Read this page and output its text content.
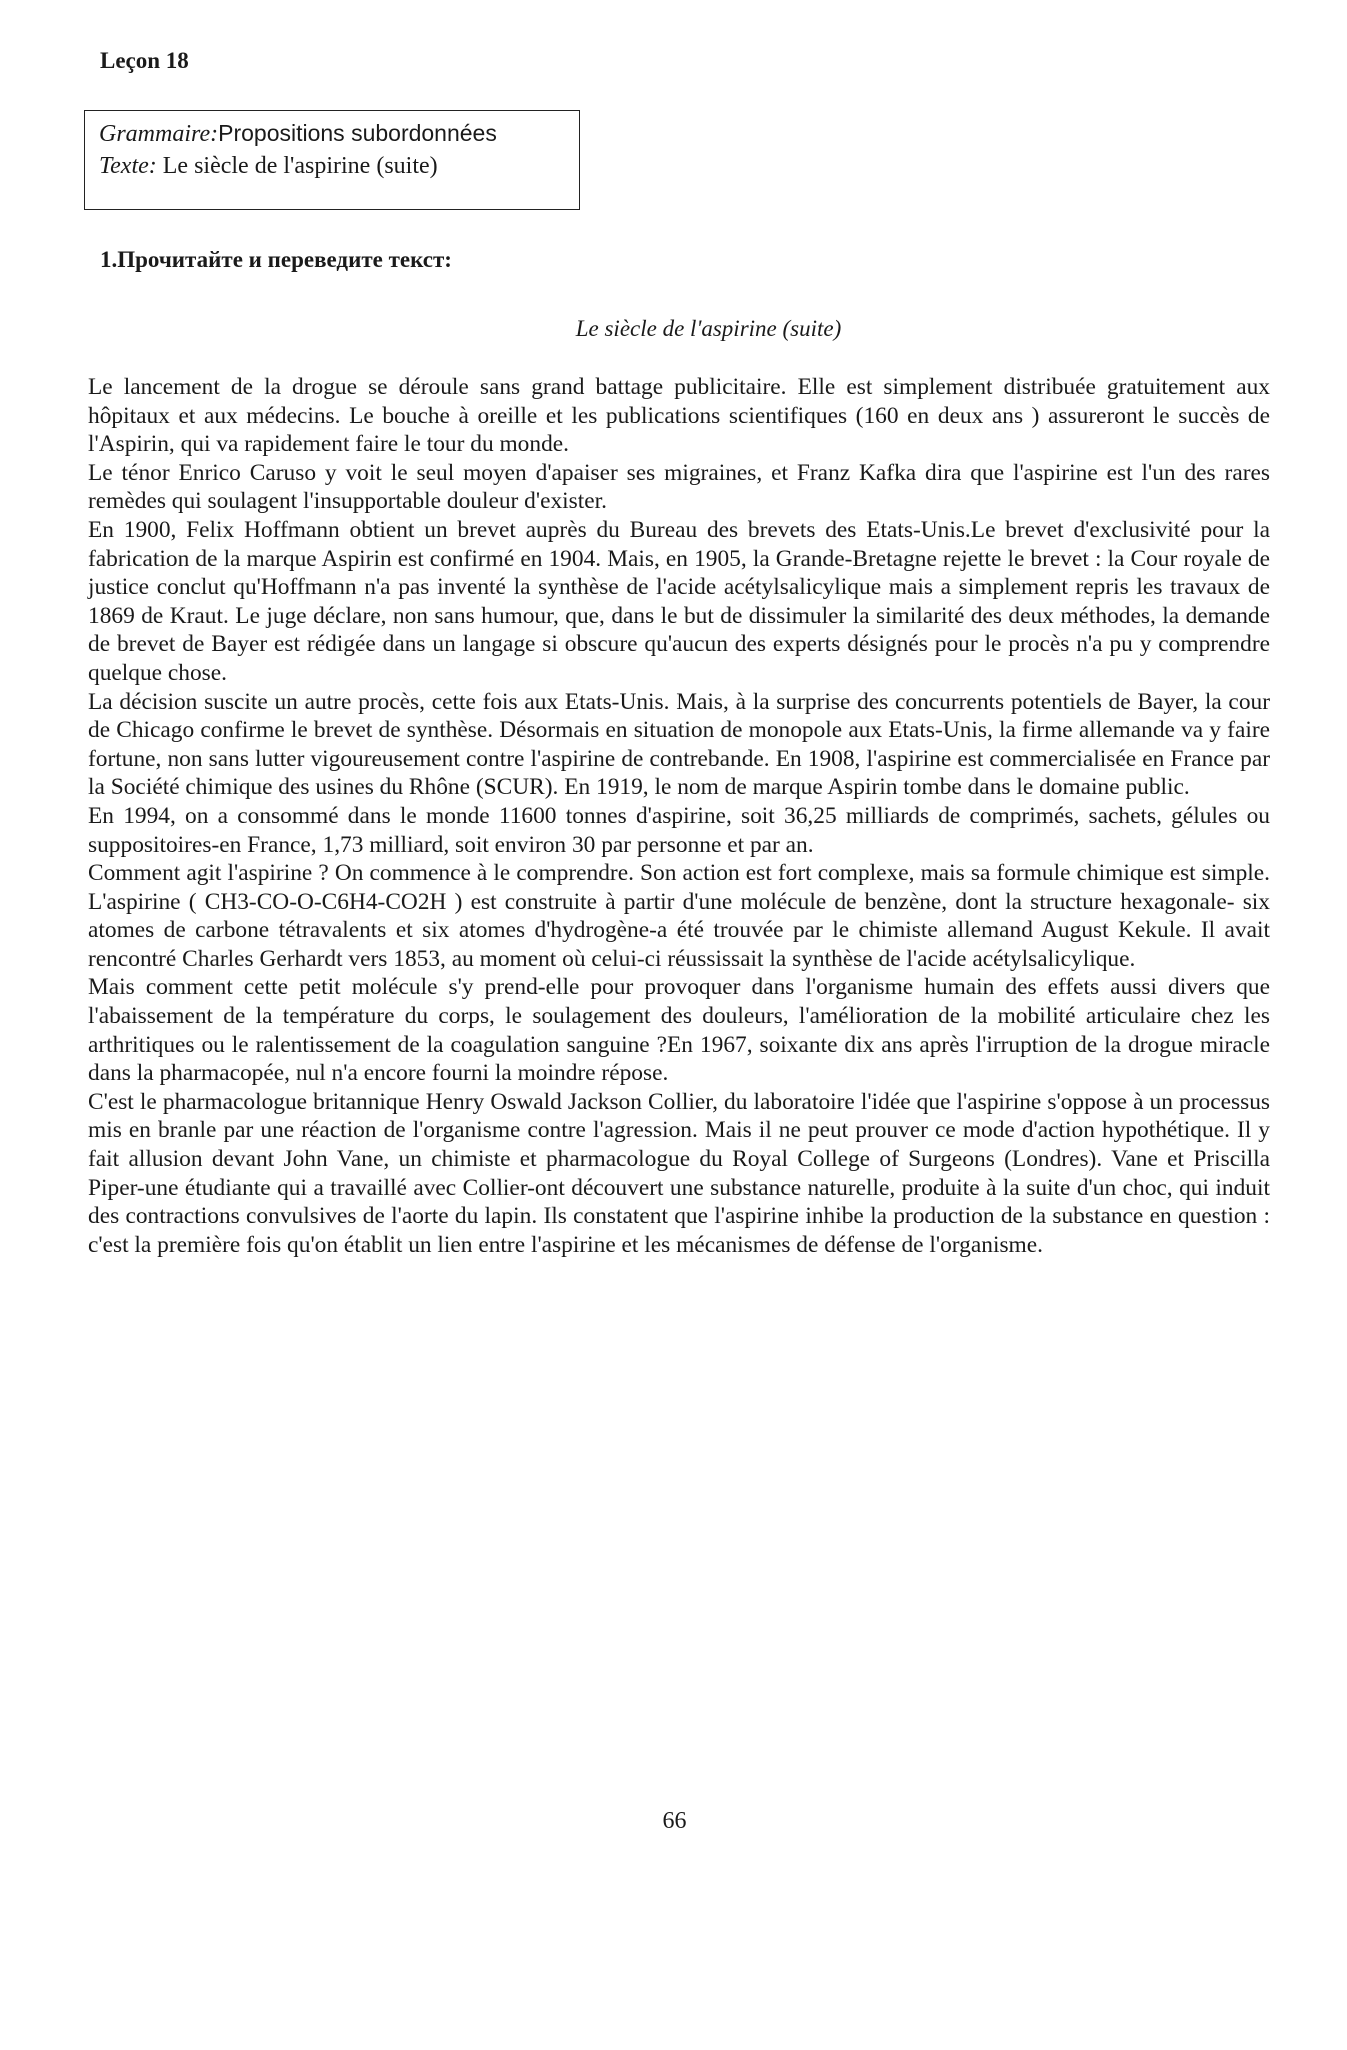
Leçon 18
Grammaire:Propositions subordonnées
Texte: Le siècle de l'aspirine (suite)
1.Прочитайте и переведите текст:
Le siècle de l'aspirine (suite)

Le lancement de la drogue se déroule sans grand battage publicitaire. Elle est simplement distribuée gratuitement aux hôpitaux et aux médecins. Le bouche à oreille et les publications scientifiques (160 en deux ans ) assureront le succès de l'Aspirin, qui va rapidement faire le tour du monde.

Le ténor Enrico Caruso y voit le seul moyen d'apaiser ses migraines, et Franz Kafka dira que l'aspirine est l'un des rares remèdes qui soulagent l'insupportable douleur d'exister.

En 1900, Felix Hoffmann obtient un brevet auprès du Bureau des brevets des Etats-Unis.Le brevet d'exclusivité pour la fabrication de la marque Aspirin est confirmé en 1904. Mais, en 1905, la Grande-Bretagne rejette le brevet : la Cour royale de justice conclut qu'Hoffmann n'a pas inventé la synthèse de l'acide acétylsalicylique mais a simplement repris les travaux de 1869 de Kraut. Le juge déclare, non sans humour, que, dans le but de dissimuler la similarité des deux méthodes, la demande de brevet de Bayer est rédigée dans un langage si obscure qu'aucun des experts désignés pour le procès n'a pu y comprendre quelque chose.

La décision suscite un autre procès, cette fois aux Etats-Unis. Mais, à la surprise des concurrents potentiels de Bayer, la cour de Chicago confirme le brevet de synthèse. Désormais en situation de monopole aux Etats-Unis, la firme allemande va y faire fortune, non sans lutter vigoureusement contre l'aspirine de contrebande. En 1908, l'aspirine est commercialisée en France par la Société chimique des usines du Rhône (SCUR). En 1919, le nom de marque Aspirin tombe dans le domaine public.

En 1994, on a consommé dans le monde 11600 tonnes d'aspirine, soit 36,25 milliards de comprimés, sachets, gélules ou suppositoires-en France, 1,73 milliard, soit environ 30 par personne et par an.

Comment agit l'aspirine ? On commence à le comprendre. Son action est fort complexe, mais sa formule chimique est simple. L'aspirine ( CH3-CO-O-C6H4-CO2H ) est construite à partir d'une molécule de benzène, dont la structure hexagonale- six atomes de carbone tétravalents et six atomes d'hydrogène-a été trouvée par le chimiste allemand August Kekule. Il avait rencontré Charles Gerhardt vers 1853, au moment où celui-ci réussissait la synthèse de l'acide acétylsalicylique.

Mais comment cette petit molécule s'y prend-elle pour provoquer dans l'organisme humain des effets aussi divers que l'abaissement de la température du corps, le soulagement des douleurs, l'amélioration de la mobilité articulaire chez les arthritiques ou le ralentissement de la coagulation sanguine ?En 1967, soixante dix ans après l'irruption de la drogue miracle dans la pharmacopée, nul n'a encore fourni la moindre répose.

C'est le pharmacologue britannique Henry Oswald Jackson Collier, du laboratoire l'idée que l'aspirine s'oppose à un processus mis en branle par une réaction de l'organisme contre l'agression. Mais il ne peut prouver ce mode d'action hypothétique. Il y fait allusion devant John Vane, un chimiste et pharmacologue du Royal College of Surgeons (Londres). Vane et Priscilla Piper-une étudiante qui a travaillé avec Collier-ont découvert une substance naturelle, produite à la suite d'un choc, qui induit des contractions convulsives de l'aorte du lapin. Ils constatent que l'aspirine inhibe la production de la substance en question : c'est la première fois qu'on établit un lien entre l'aspirine et les mécanismes de défense de l'organisme.

66
